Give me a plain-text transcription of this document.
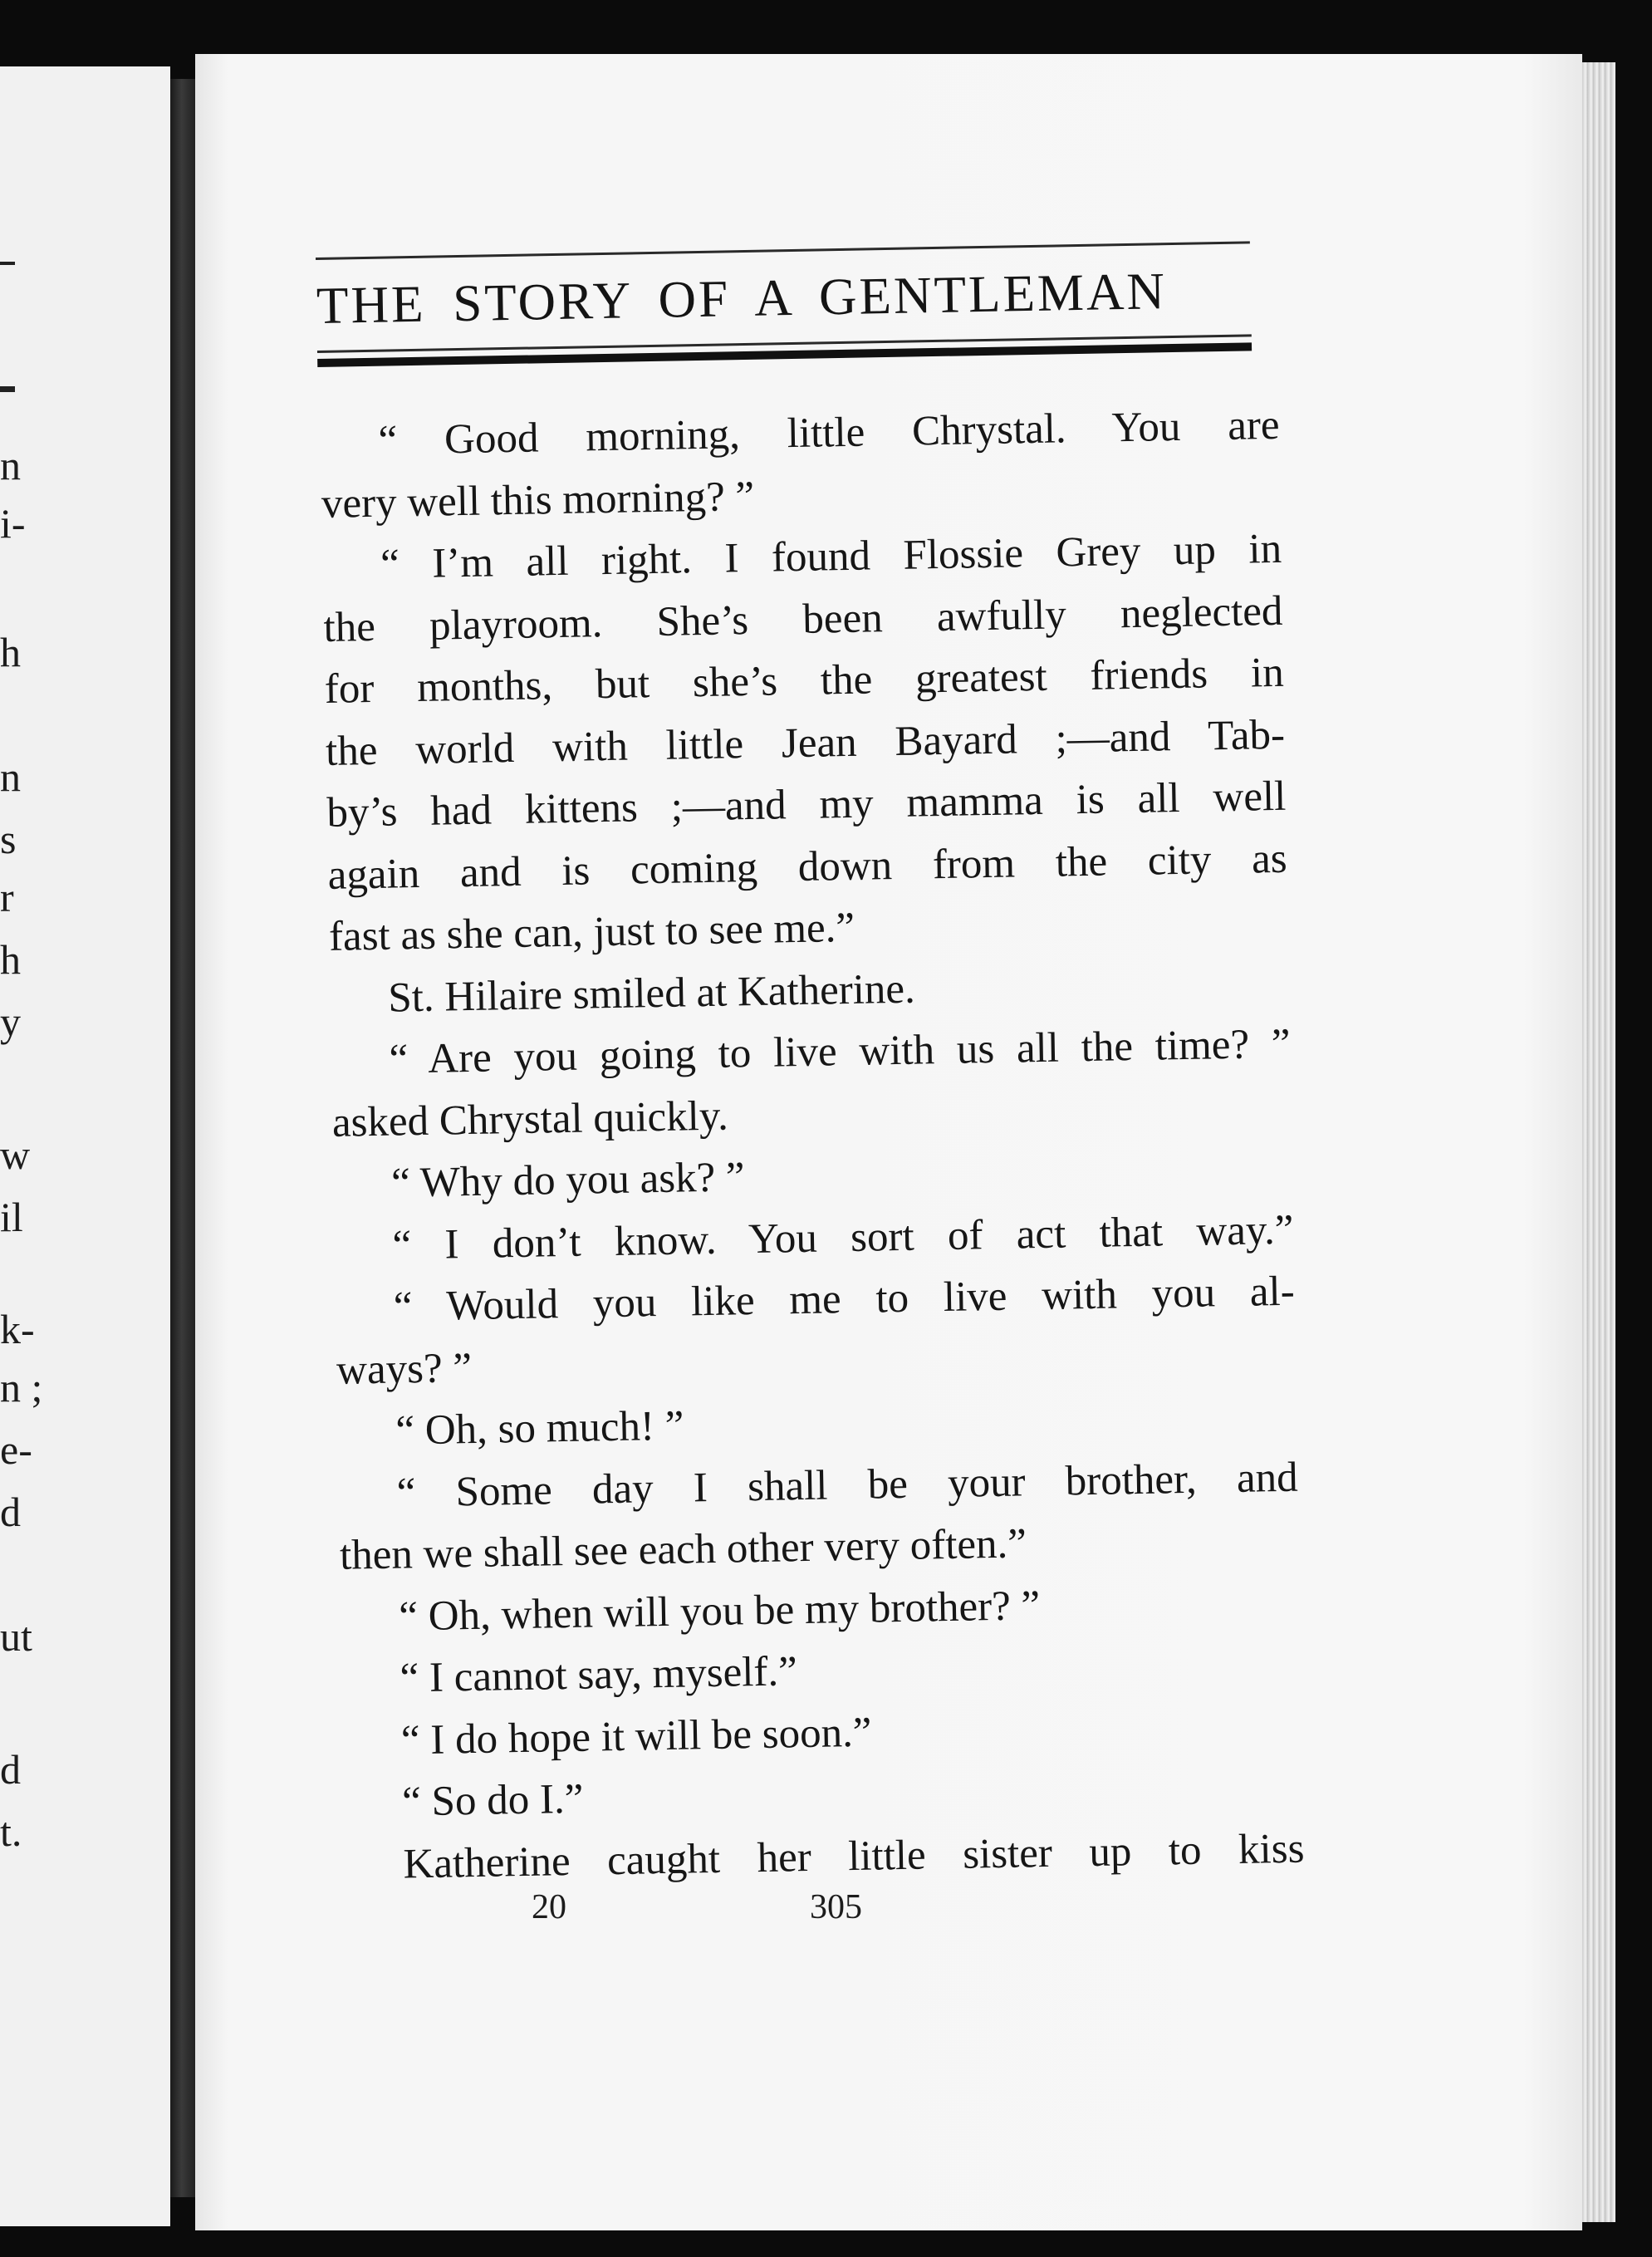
n
i-
h
n
s
r
h
y
w
il
k-
n ;
e-
d
ut
d
t.
THE STORY OF A GENTLEMAN
“ Good morning, little Chrystal. You are
very well this morning? ”
“ I’m all right. I found Flossie Grey up in
the playroom. She’s been awfully neglected
for months, but she’s the greatest friends in
the world with little Jean Bayard ;—and Tab-
by’s had kittens ;—and my mamma is all well
again and is coming down from the city as
fast as she can, just to see me.”
St. Hilaire smiled at Katherine.
“ Are you going to live with us all the time? ”
asked Chrystal quickly.
“ Why do you ask? ”
“ I don’t know. You sort of act that way.”
“ Would you like me to live with you al-
ways? ”
“ Oh, so much! ”
“ Some day I shall be your brother, and
then we shall see each other very often.”
“ Oh, when will you be my brother? ”
“ I cannot say, myself.”
“ I do hope it will be soon.”
“ So do I.”
Katherine caught her little sister up to kiss
20	305
